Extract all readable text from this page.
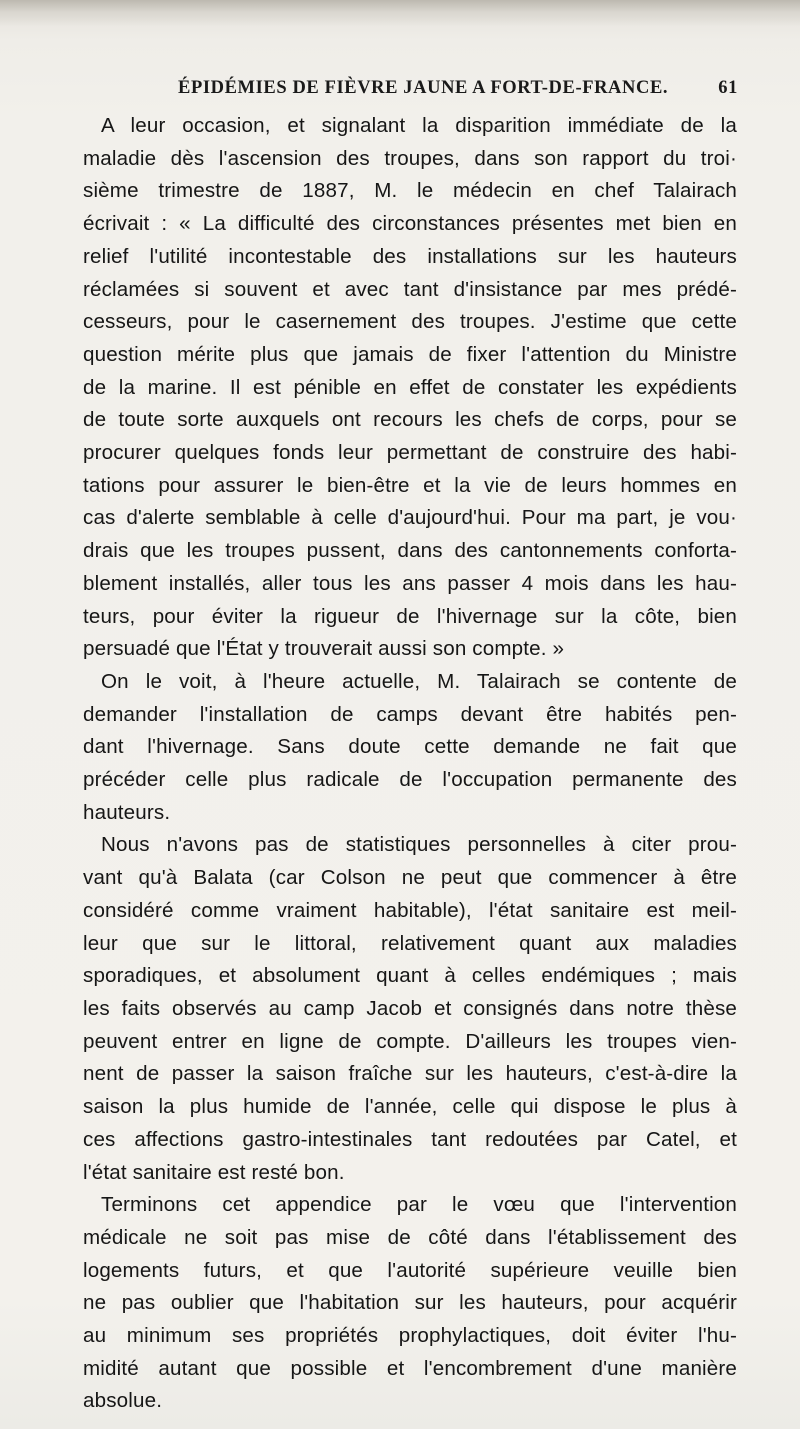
ÉPIDÉMIES DE FIÈVRE JAUNE A FORT-DE-FRANCE.	61

A leur occasion, et signalant la disparition immédiate de la
maladie dès l'ascension des troupes, dans son rapport du troi·
sième trimestre de 1887, M. le médecin en chef Talairach
écrivait : « La difficulté des circonstances présentes met bien en
relief l'utilité incontestable des installations sur les hauteurs
réclamées si souvent et avec tant d'insistance par mes prédé-
cesseurs, pour le casernement des troupes. J'estime que cette
question mérite plus que jamais de fixer l'attention du Ministre
de la marine. Il est pénible en effet de constater les expédients
de toute sorte auxquels ont recours les chefs de corps, pour se
procurer quelques fonds leur permettant de construire des habi-
tations pour assurer le bien-être et la vie de leurs hommes en
cas d'alerte semblable à celle d'aujourd'hui. Pour ma part, je vou·
drais que les troupes pussent, dans des cantonnements conforta-
blement installés, aller tous les ans passer 4 mois dans les hau-
teurs, pour éviter la rigueur de l'hivernage sur la côte, bien
persuadé que l'État y trouverait aussi son compte. »

On le voit, à l'heure actuelle, M. Talairach se contente de
demander l'installation de camps devant être habités pen-
dant l'hivernage. Sans doute cette demande ne fait que
précéder celle plus radicale de l'occupation permanente des
hauteurs.

Nous n'avons pas de statistiques personnelles à citer prou-
vant qu'à Balata (car Colson ne peut que commencer à être
considéré comme vraiment habitable), l'état sanitaire est meil-
leur que sur le littoral, relativement quant aux maladies
sporadiques, et absolument quant à celles endémiques ; mais
les faits observés au camp Jacob et consignés dans notre thèse
peuvent entrer en ligne de compte. D'ailleurs les troupes vien-
nent de passer la saison fraîche sur les hauteurs, c'est-à-dire la
saison la plus humide de l'année, celle qui dispose le plus à
ces affections gastro-intestinales tant redoutées par Catel, et
l'état sanitaire est resté bon.

Terminons cet appendice par le vœu que l'intervention
médicale ne soit pas mise de côté dans l'établissement des
logements futurs, et que l'autorité supérieure veuille bien
ne pas oublier que l'habitation sur les hauteurs, pour acquérir
au minimum ses propriétés prophylactiques, doit éviter l'hu-
midité autant que possible et l'encombrement d'une manière
absolue.
